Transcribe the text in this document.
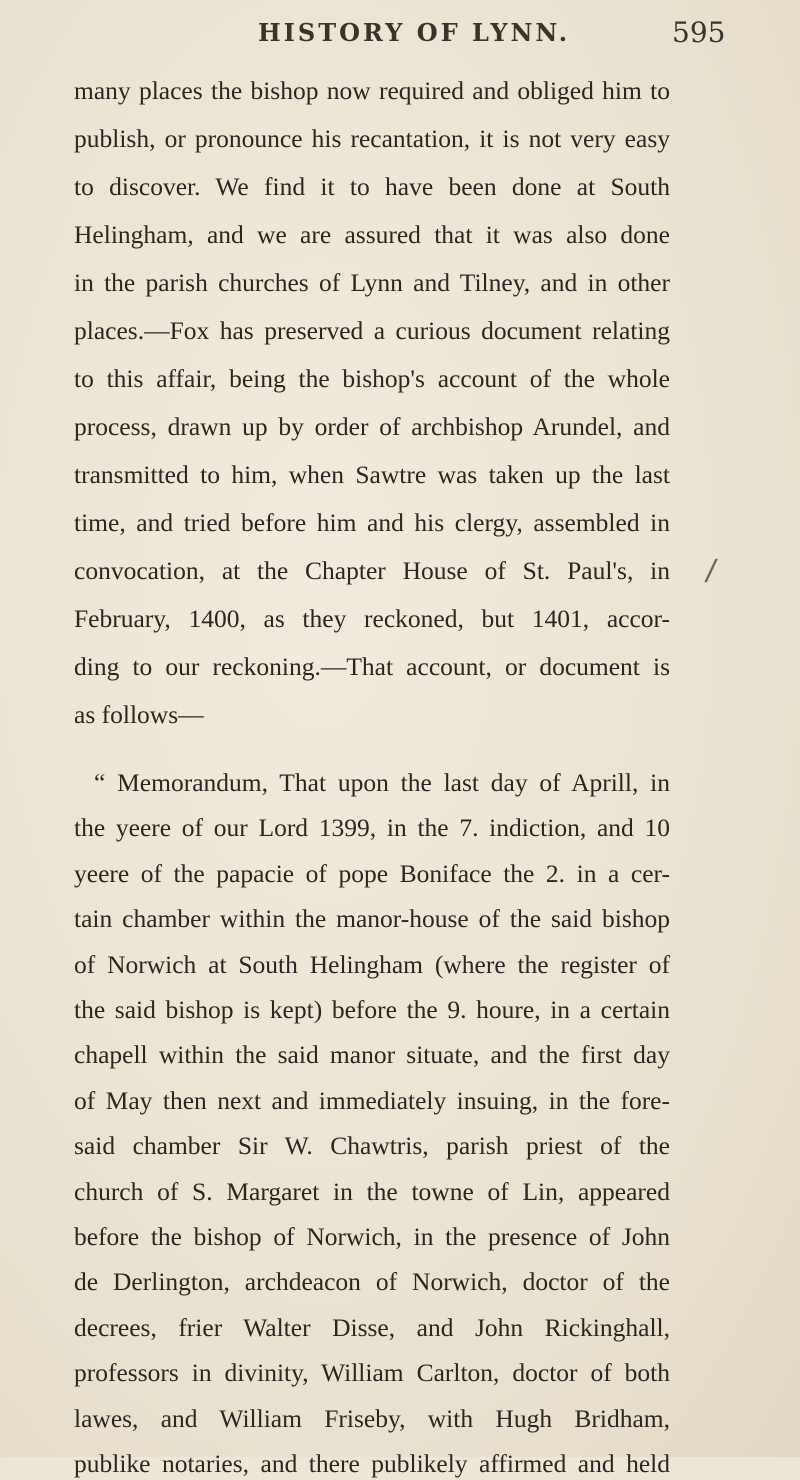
HISTORY OF LYNN.	595
many places the bishop now required and obliged him to
publish, or pronounce his recantation, it is not very easy
to discover. We find it to have been done at South
Helingham, and we are assured that it was also done
in the parish churches of Lynn and Tilney, and in other
places.—Fox has preserved a curious document relating
to this affair, being the bishop's account of the whole
process, drawn up by order of archbishop Arundel, and
transmitted to him, when Sawtre was taken up the last
time, and tried before him and his clergy, assembled in
convocation, at the Chapter House of St. Paul's, in
February, 1400, as they reckoned, but 1401, accor-
ding to our reckoning.—That account, or document is
as follows—
“ Memorandum, That upon the last day of Aprill, in
the yeere of our Lord 1399, in the 7. indiction, and 10
yeere of the papacie of pope Boniface the 2. in a cer-
tain chamber within the manor-house of the said bishop
of Norwich at South Helingham (where the register of
the said bishop is kept) before the 9. houre, in a certain
chapell within the said manor situate, and the first day
of May then next and immediately insuing, in the fore-
said chamber Sir W. Chawtris, parish priest of the
church of S. Margaret in the towne of Lin, appeared
before the bishop of Norwich, in the presence of John
de Derlington, archdeacon of Norwich, doctor of the
decrees, frier Walter Disse, and John Rickinghall,
professors in divinity, William Carlton, doctor of both
lawes, and William Friseby, with Hugh Bridham,
publike notaries, and there publikely affirmed and held
/
